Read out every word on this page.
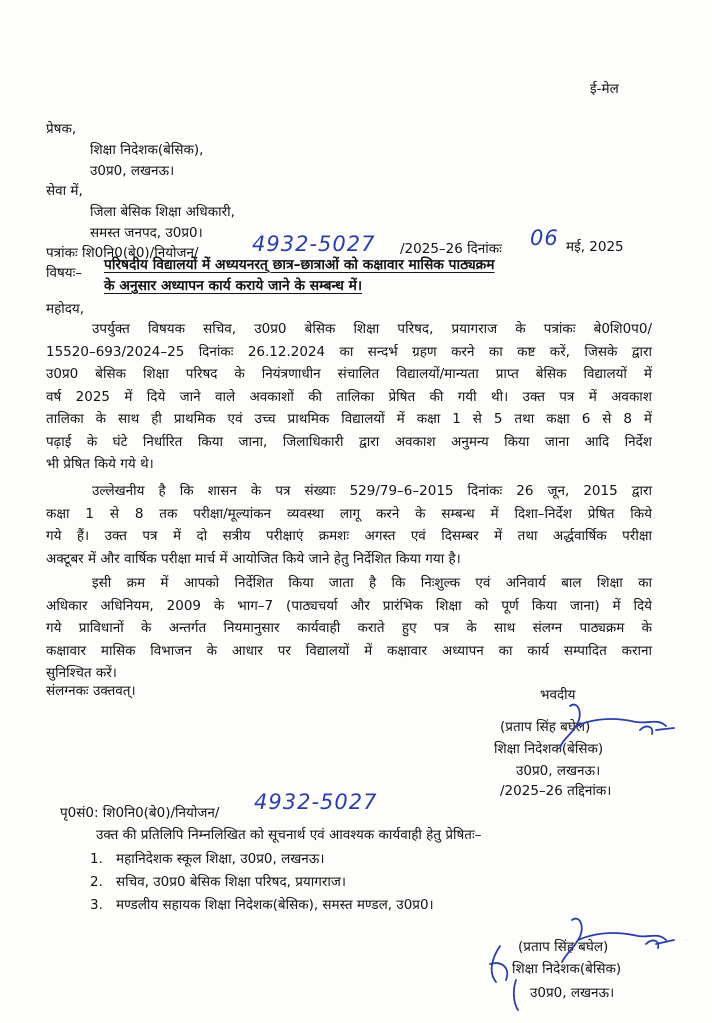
ई-मेल
प्रेषक,
शिक्षा निदेशक(बेसिक),
उ0प्र0, लखनऊ।
सेवा में,
जिला बेसिक शिक्षा अधिकारी,
समस्त जनपद, उ0प्र0।
पत्रांकः शि0नि0(बे0)/नियोजन/	4932-5027 /2025–26 दिनांकः 06 मई, 2025
विषयः– परिषदीय विद्यालयों में अध्ययनरत् छात्र–छात्राओं को कक्षावार मासिक पाठ्यक्रम
के अनुसार अध्यापन कार्य कराये जाने के सम्बन्ध में।
महोदय,
उपर्युक्त विषयक सचिव, उ0प्र0 बेसिक शिक्षा परिषद, प्रयागराज के पत्रांकः बे0शि0प0/
15520–693/2024–25 दिनांकः 26.12.2024 का सन्दर्भ ग्रहण करने का कष्ट करें, जिसके द्वारा
उ0प्र0 बेसिक शिक्षा परिषद के नियंत्रणाधीन संचालित विद्यालयों/मान्यता प्राप्त बेसिक विद्यालयों में
वर्ष 2025 में दिये जाने वाले अवकाशों की तालिका प्रेषित की गयी थी। उक्त पत्र में अवकाश
तालिका के साथ ही प्राथमिक एवं उच्च प्राथमिक विद्यालयों में कक्षा 1 से 5 तथा कक्षा 6 से 8 में
पढ़ाई के घंटे निर्धारित किया जाना, जिलाधिकारी द्वारा अवकाश अनुमन्य किया जाना आदि निर्देश
भी प्रेषित किये गये थे।
उल्लेखनीय है कि शासन के पत्र संख्याः 529/79–6–2015 दिनांकः 26 जून, 2015 द्वारा
कक्षा 1 से 8 तक परीक्षा/मूल्यांकन व्यवस्था लागू करने के सम्बन्ध में दिशा–निर्देश प्रेषित किये
गये हैं। उक्त पत्र में दो सत्रीय परीक्षाएं क्रमशः अगस्त एवं दिसम्बर में तथा अर्द्धवार्षिक परीक्षा
अक्टूबर में और वार्षिक परीक्षा मार्च में आयोजित किये जाने हेतु निर्देशित किया गया है।
इसी क्रम में आपको निर्देशित किया जाता है कि निःशुल्क एवं अनिवार्य बाल शिक्षा का
अधिकार अधिनियम, 2009 के भाग–7 (पाठ्यचर्या और प्रारंभिक शिक्षा को पूर्ण किया जाना) में दिये
गये प्राविधानों के अन्तर्गत नियमानुसार कार्यवाही कराते हुए पत्र के साथ संलग्न पाठ्यक्रम के
कक्षावार मासिक विभाजन के आधार पर विद्यालयों में कक्षावार अध्यापन का कार्य सम्पादित कराना
सुनिश्चित करें।
संलग्नकः उक्तवत्।	भवदीय
(प्रताप सिंह बघेल)
शिक्षा निदेशक(बेसिक)
उ0प्र0, लखनऊ।
/2025–26 तद्दिनांक।
पृ0सं0: शि0नि0(बे0)/नियोजन/ 4932-5027
उक्त की प्रतिलिपि निम्नलिखित को सूचनार्थ एवं आवश्यक कार्यवाही हेतु प्रेषितः–
1. महानिदेशक स्कूल शिक्षा, उ0प्र0, लखनऊ।
2. सचिव, उ0प्र0 बेसिक शिक्षा परिषद, प्रयागराज।
3. मण्डलीय सहायक शिक्षा निदेशक(बेसिक), समस्त मण्डल, उ0प्र0।
(प्रताप सिंह बघेल)
शिक्षा निदेशक(बेसिक)
उ0प्र0, लखनऊ।
